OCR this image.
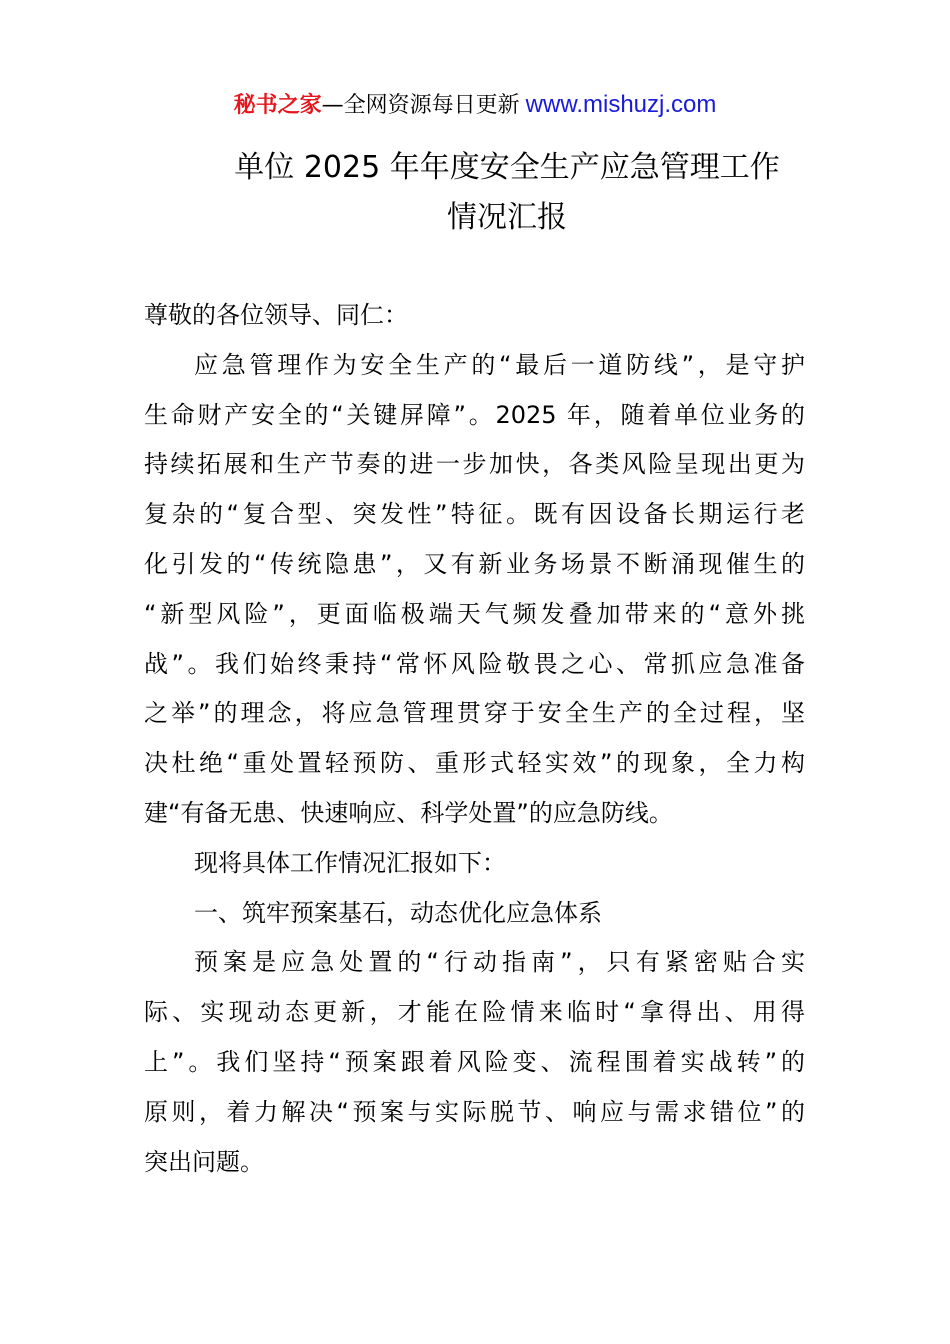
秘书之家—全网资源每日更新 www.mishuzj.com
单位 2025 年年度安全生产应急管理工作
情况汇报
尊敬的各位领导、同仁：
应急管理作为安全生产的“最后一道防线”，是守护
生命财产安全的“关键屏障”。2025 年，随着单位业务的
持续拓展和生产节奏的进一步加快，各类风险呈现出更为
复杂的“复合型、突发性”特征。既有因设备长期运行老
化引发的“传统隐患”，又有新业务场景不断涌现催生的
“新型风险”，更面临极端天气频发叠加带来的“意外挑
战”。我们始终秉持“常怀风险敬畏之心、常抓应急准备
之举”的理念，将应急管理贯穿于安全生产的全过程，坚
决杜绝“重处置轻预防、重形式轻实效”的现象，全力构
建“有备无患、快速响应、科学处置”的应急防线。
现将具体工作情况汇报如下：
一、筑牢预案基石，动态优化应急体系
预案是应急处置的“行动指南”，只有紧密贴合实
际、实现动态更新，才能在险情来临时“拿得出、用得
上”。我们坚持“预案跟着风险变、流程围着实战转”的
原则，着力解决“预案与实际脱节、响应与需求错位”的
突出问题。
